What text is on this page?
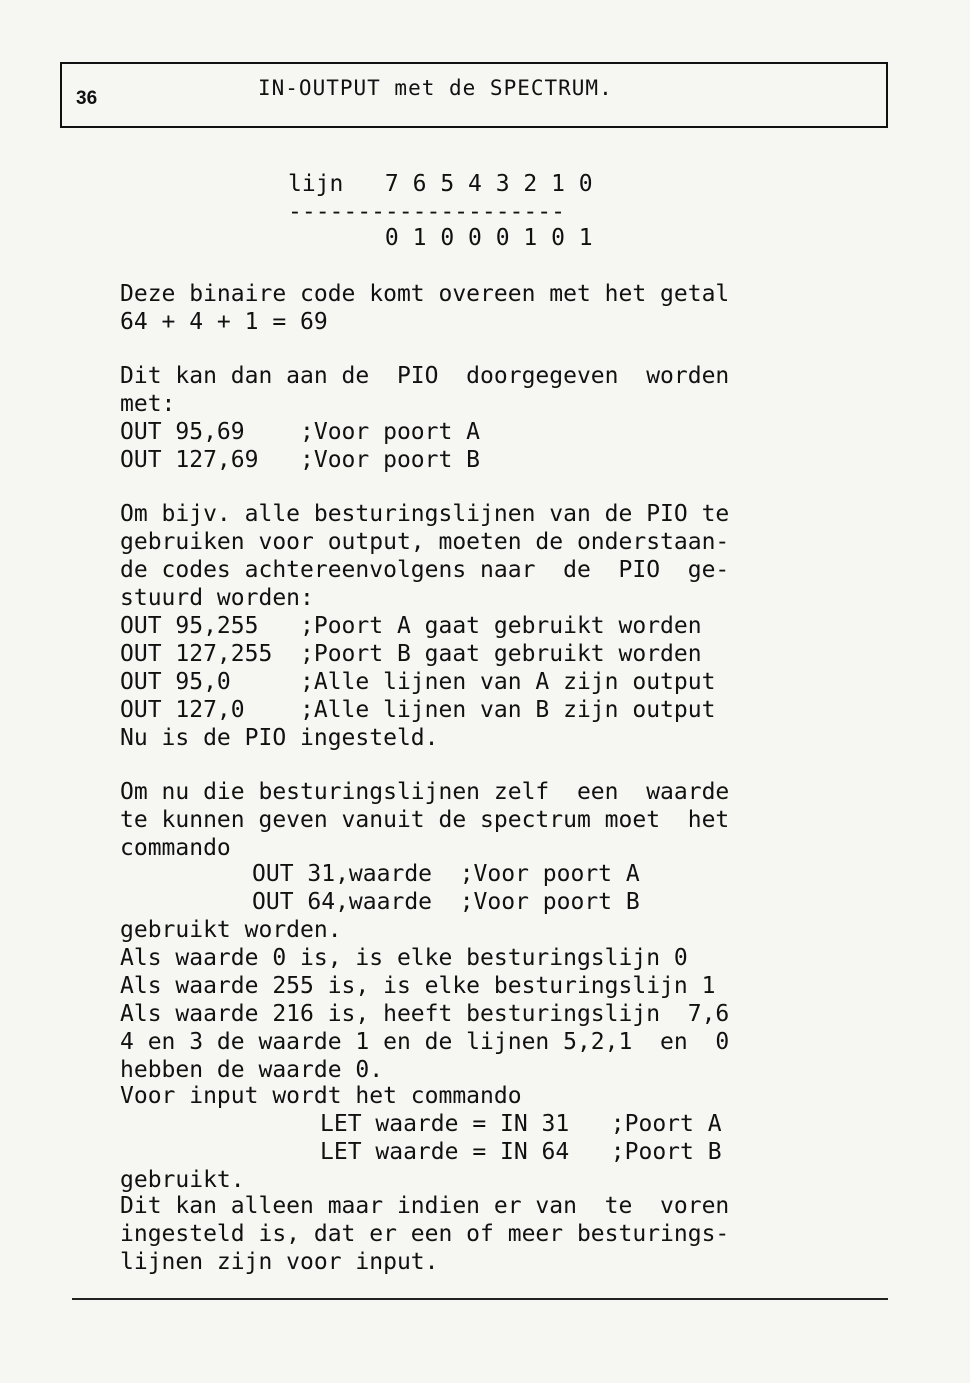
36	IN-OUTPUT met de SPECTRUM.
lijn   7 6 5 4 3 2 1 0
--------------------
0 1 0 0 0 1 0 1
Deze binaire code komt overeen met het getal
64 + 4 + 1 = 69
Dit kan dan aan de  PIO  doorgegeven  worden
met:
OUT 95,69    ;Voor poort A
OUT 127,69   ;Voor poort B
Om bijv. alle besturingslijnen van de PIO te
gebruiken voor output, moeten de onderstaan-
de codes achtereenvolgens naar  de  PIO  ge-
stuurd worden:
OUT 95,255   ;Poort A gaat gebruikt worden
OUT 127,255  ;Poort B gaat gebruikt worden
OUT 95,0     ;Alle lijnen van A zijn output
OUT 127,0    ;Alle lijnen van B zijn output
Nu is de PIO ingesteld.
Om nu die besturingslijnen zelf  een  waarde
te kunnen geven vanuit de spectrum moet  het
commando
OUT 31,waarde  ;Voor poort A
OUT 64,waarde  ;Voor poort B
gebruikt worden.
Als waarde 0 is, is elke besturingslijn 0
Als waarde 255 is, is elke besturingslijn 1
Als waarde 216 is, heeft besturingslijn  7,6
4 en 3 de waarde 1 en de lijnen 5,2,1  en  0
hebben de waarde 0.
Voor input wordt het commando
LET waarde = IN 31   ;Poort A
LET waarde = IN 64   ;Poort B
gebruikt.
Dit kan alleen maar indien er van  te  voren
ingesteld is, dat er een of meer besturings-
lijnen zijn voor input.
